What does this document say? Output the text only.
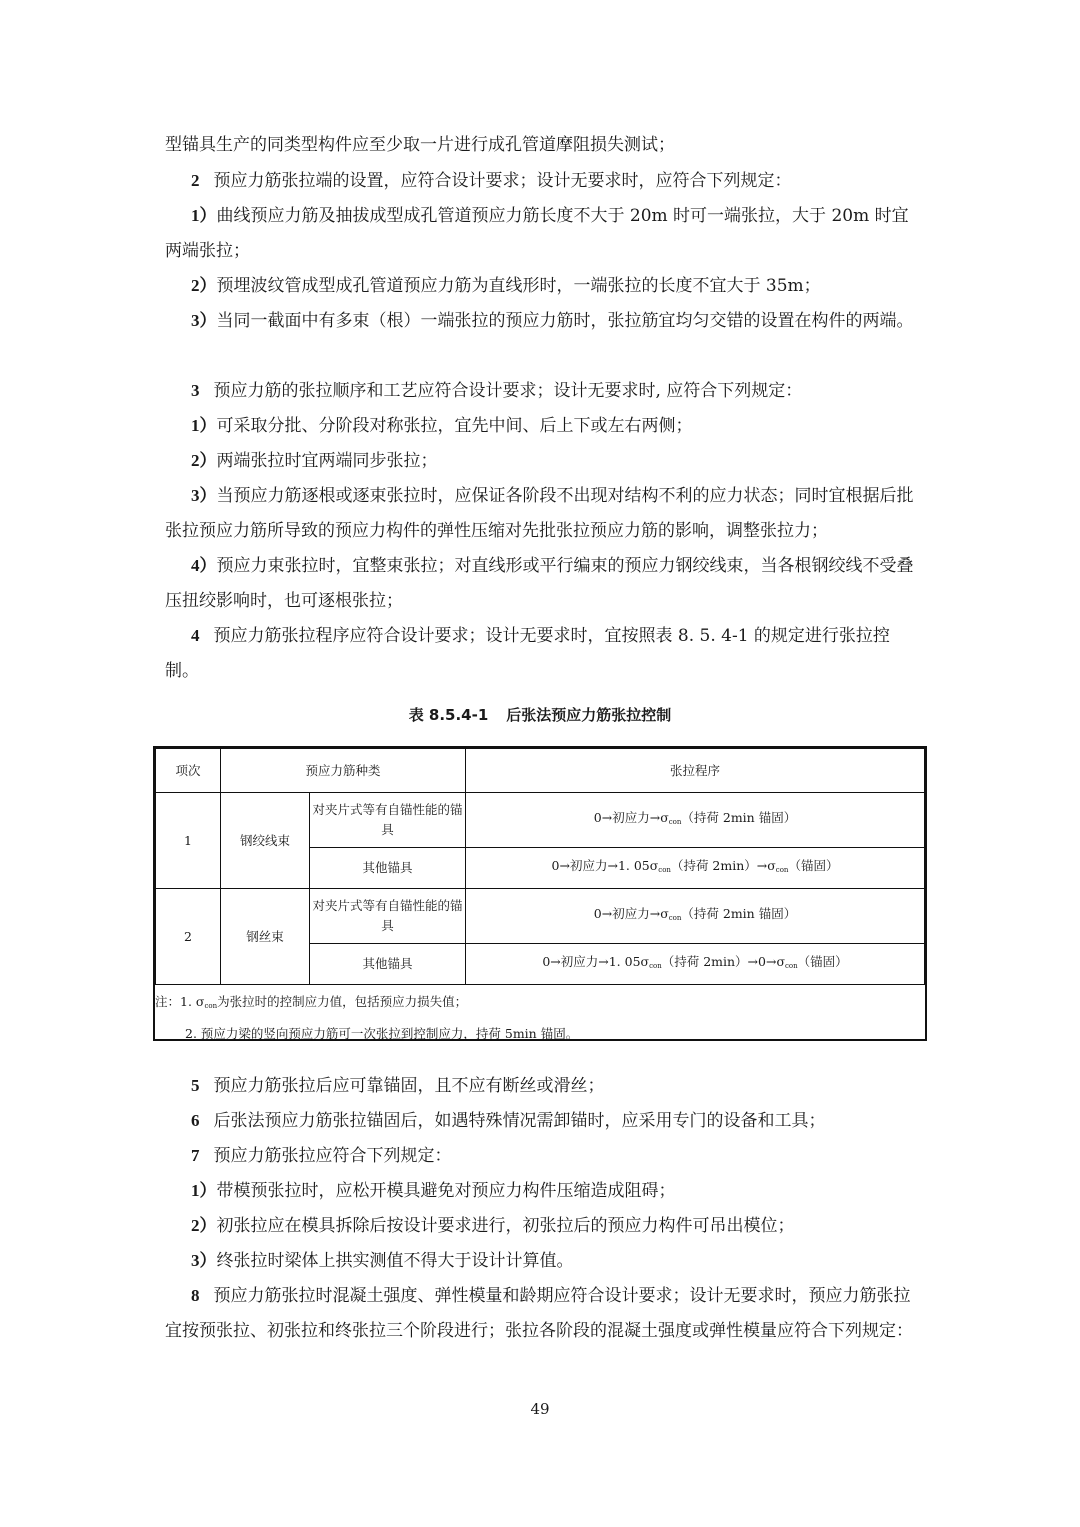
型锚具生产的同类型构件应至少取一片进行成孔管道摩阻损失测试；

2 预应力筋张拉端的设置，应符合设计要求；设计无要求时，应符合下列规定：

1）曲线预应力筋及抽拔成型成孔管道预应力筋长度不大于 20m 时可一端张拉，大于 20m 时宜两端张拉；

2）预埋波纹管成型成孔管道预应力筋为直线形时，一端张拉的长度不宜大于 35m；

3）当同一截面中有多束（根）一端张拉的预应力筋时，张拉筋宜均匀交错的设置在构件的两端。

3 预应力筋的张拉顺序和工艺应符合设计要求；设计无要求时, 应符合下列规定：

1）可采取分批、分阶段对称张拉，宜先中间、后上下或左右两侧；

2）两端张拉时宜两端同步张拉；

3）当预应力筋逐根或逐束张拉时，应保证各阶段不出现对结构不利的应力状态；同时宜根据后批张拉预应力筋所导致的预应力构件的弹性压缩对先批张拉预应力筋的影响，调整张拉力；

4）预应力束张拉时，宜整束张拉；对直线形或平行编束的预应力钢绞线束，当各根钢绞线不受叠压扭绞影响时，也可逐根张拉；

4 预应力筋张拉程序应符合设计要求；设计无要求时，宜按照表 8. 5. 4-1 的规定进行张拉控制。

表 8.5.4-1 后张法预应力筋张拉控制
项次	预应力筋种类		张拉程序
1	钢绞线束	对夹片式等有自锚性能的锚具	0→初应力$\to\sigma_{con}$（持荷 2min 锚固）
		其他锚具	0→初应力→1. $05\sigma_{con}$（持荷 $2\min)\to\sigma_{con}$（锚固）
2	钢丝束	对夹片式等有自锚性能的锚具	0→初应力$\to\sigma_{con}$（持荷 2min 锚固）
		其他锚具	0→初应力→1. $05\sigma_{con}$（持荷 $2\min)\to 0\to\sigma_{con}$（锚固）
注：1. $\sigma_{con}$为张拉时的控制应力值，包括预应力损失值；
2. 预应力梁的竖向预应力筋可一次张拉到控制应力，持荷 5min 锚固。

5 预应力筋张拉后应可靠锚固，且不应有断丝或滑丝；

6 后张法预应力筋张拉锚固后，如遇特殊情况需卸锚时，应采用专门的设备和工具；

7 预应力筋张拉应符合下列规定：

1）带模预张拉时，应松开模具避免对预应力构件压缩造成阻碍；

2）初张拉应在模具拆除后按设计要求进行，初张拉后的预应力构件可吊出模位；

3）终张拉时梁体上拱实测值不得大于设计计算值。

8 预应力筋张拉时混凝土强度、弹性模量和龄期应符合设计要求；设计无要求时，预应力筋张拉宜按预张拉、初张拉和终张拉三个阶段进行；张拉各阶段的混凝土强度或弹性模量应符合下列规定：

49
